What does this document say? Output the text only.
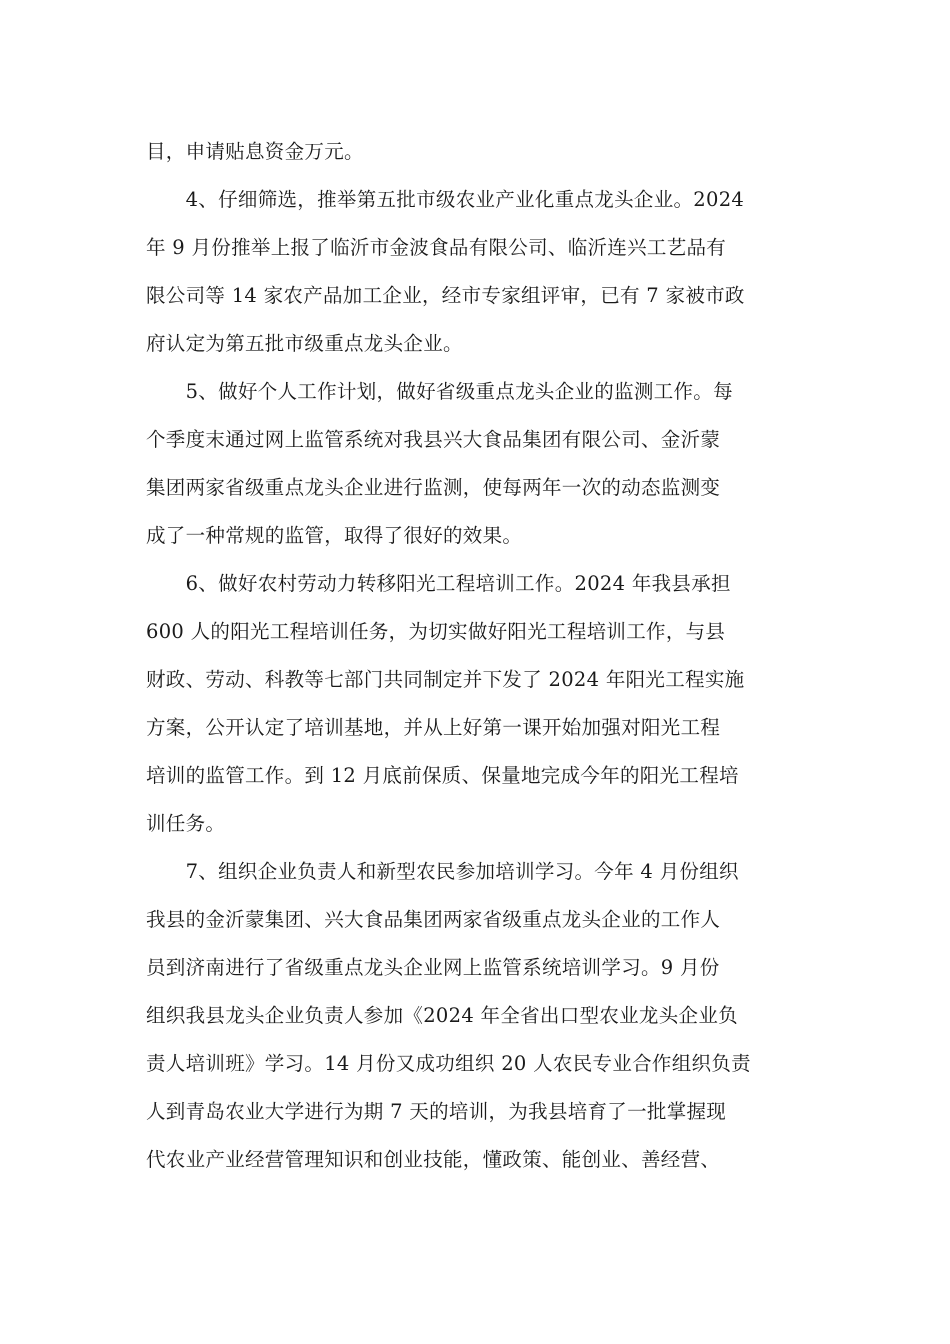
目，申请贴息资金万元。
　　4、仔细筛选，推举第五批市级农业产业化重点龙头企业。2024
年 9 月份推举上报了临沂市金波食品有限公司、临沂连兴工艺品有
限公司等 14 家农产品加工企业，经市专家组评审，已有 7 家被市政
府认定为第五批市级重点龙头企业。
　　5、做好个人工作计划，做好省级重点龙头企业的监测工作。每
个季度末通过网上监管系统对我县兴大食品集团有限公司、金沂蒙
集团两家省级重点龙头企业进行监测，使每两年一次的动态监测变
成了一种常规的监管，取得了很好的效果。
　　6、做好农村劳动力转移阳光工程培训工作。2024 年我县承担
600 人的阳光工程培训任务，为切实做好阳光工程培训工作，与县
财政、劳动、科教等七部门共同制定并下发了 2024 年阳光工程实施
方案，公开认定了培训基地，并从上好第一课开始加强对阳光工程
培训的监管工作。到 12 月底前保质、保量地完成今年的阳光工程培
训任务。
　　7、组织企业负责人和新型农民参加培训学习。今年 4 月份组织
我县的金沂蒙集团、兴大食品集团两家省级重点龙头企业的工作人
员到济南进行了省级重点龙头企业网上监管系统培训学习。9 月份
组织我县龙头企业负责人参加《2024 年全省出口型农业龙头企业负
责人培训班》学习。14 月份又成功组织 20 人农民专业合作组织负责
人到青岛农业大学进行为期 7 天的培训，为我县培育了一批掌握现
代农业产业经营管理知识和创业技能，懂政策、能创业、善经营、
